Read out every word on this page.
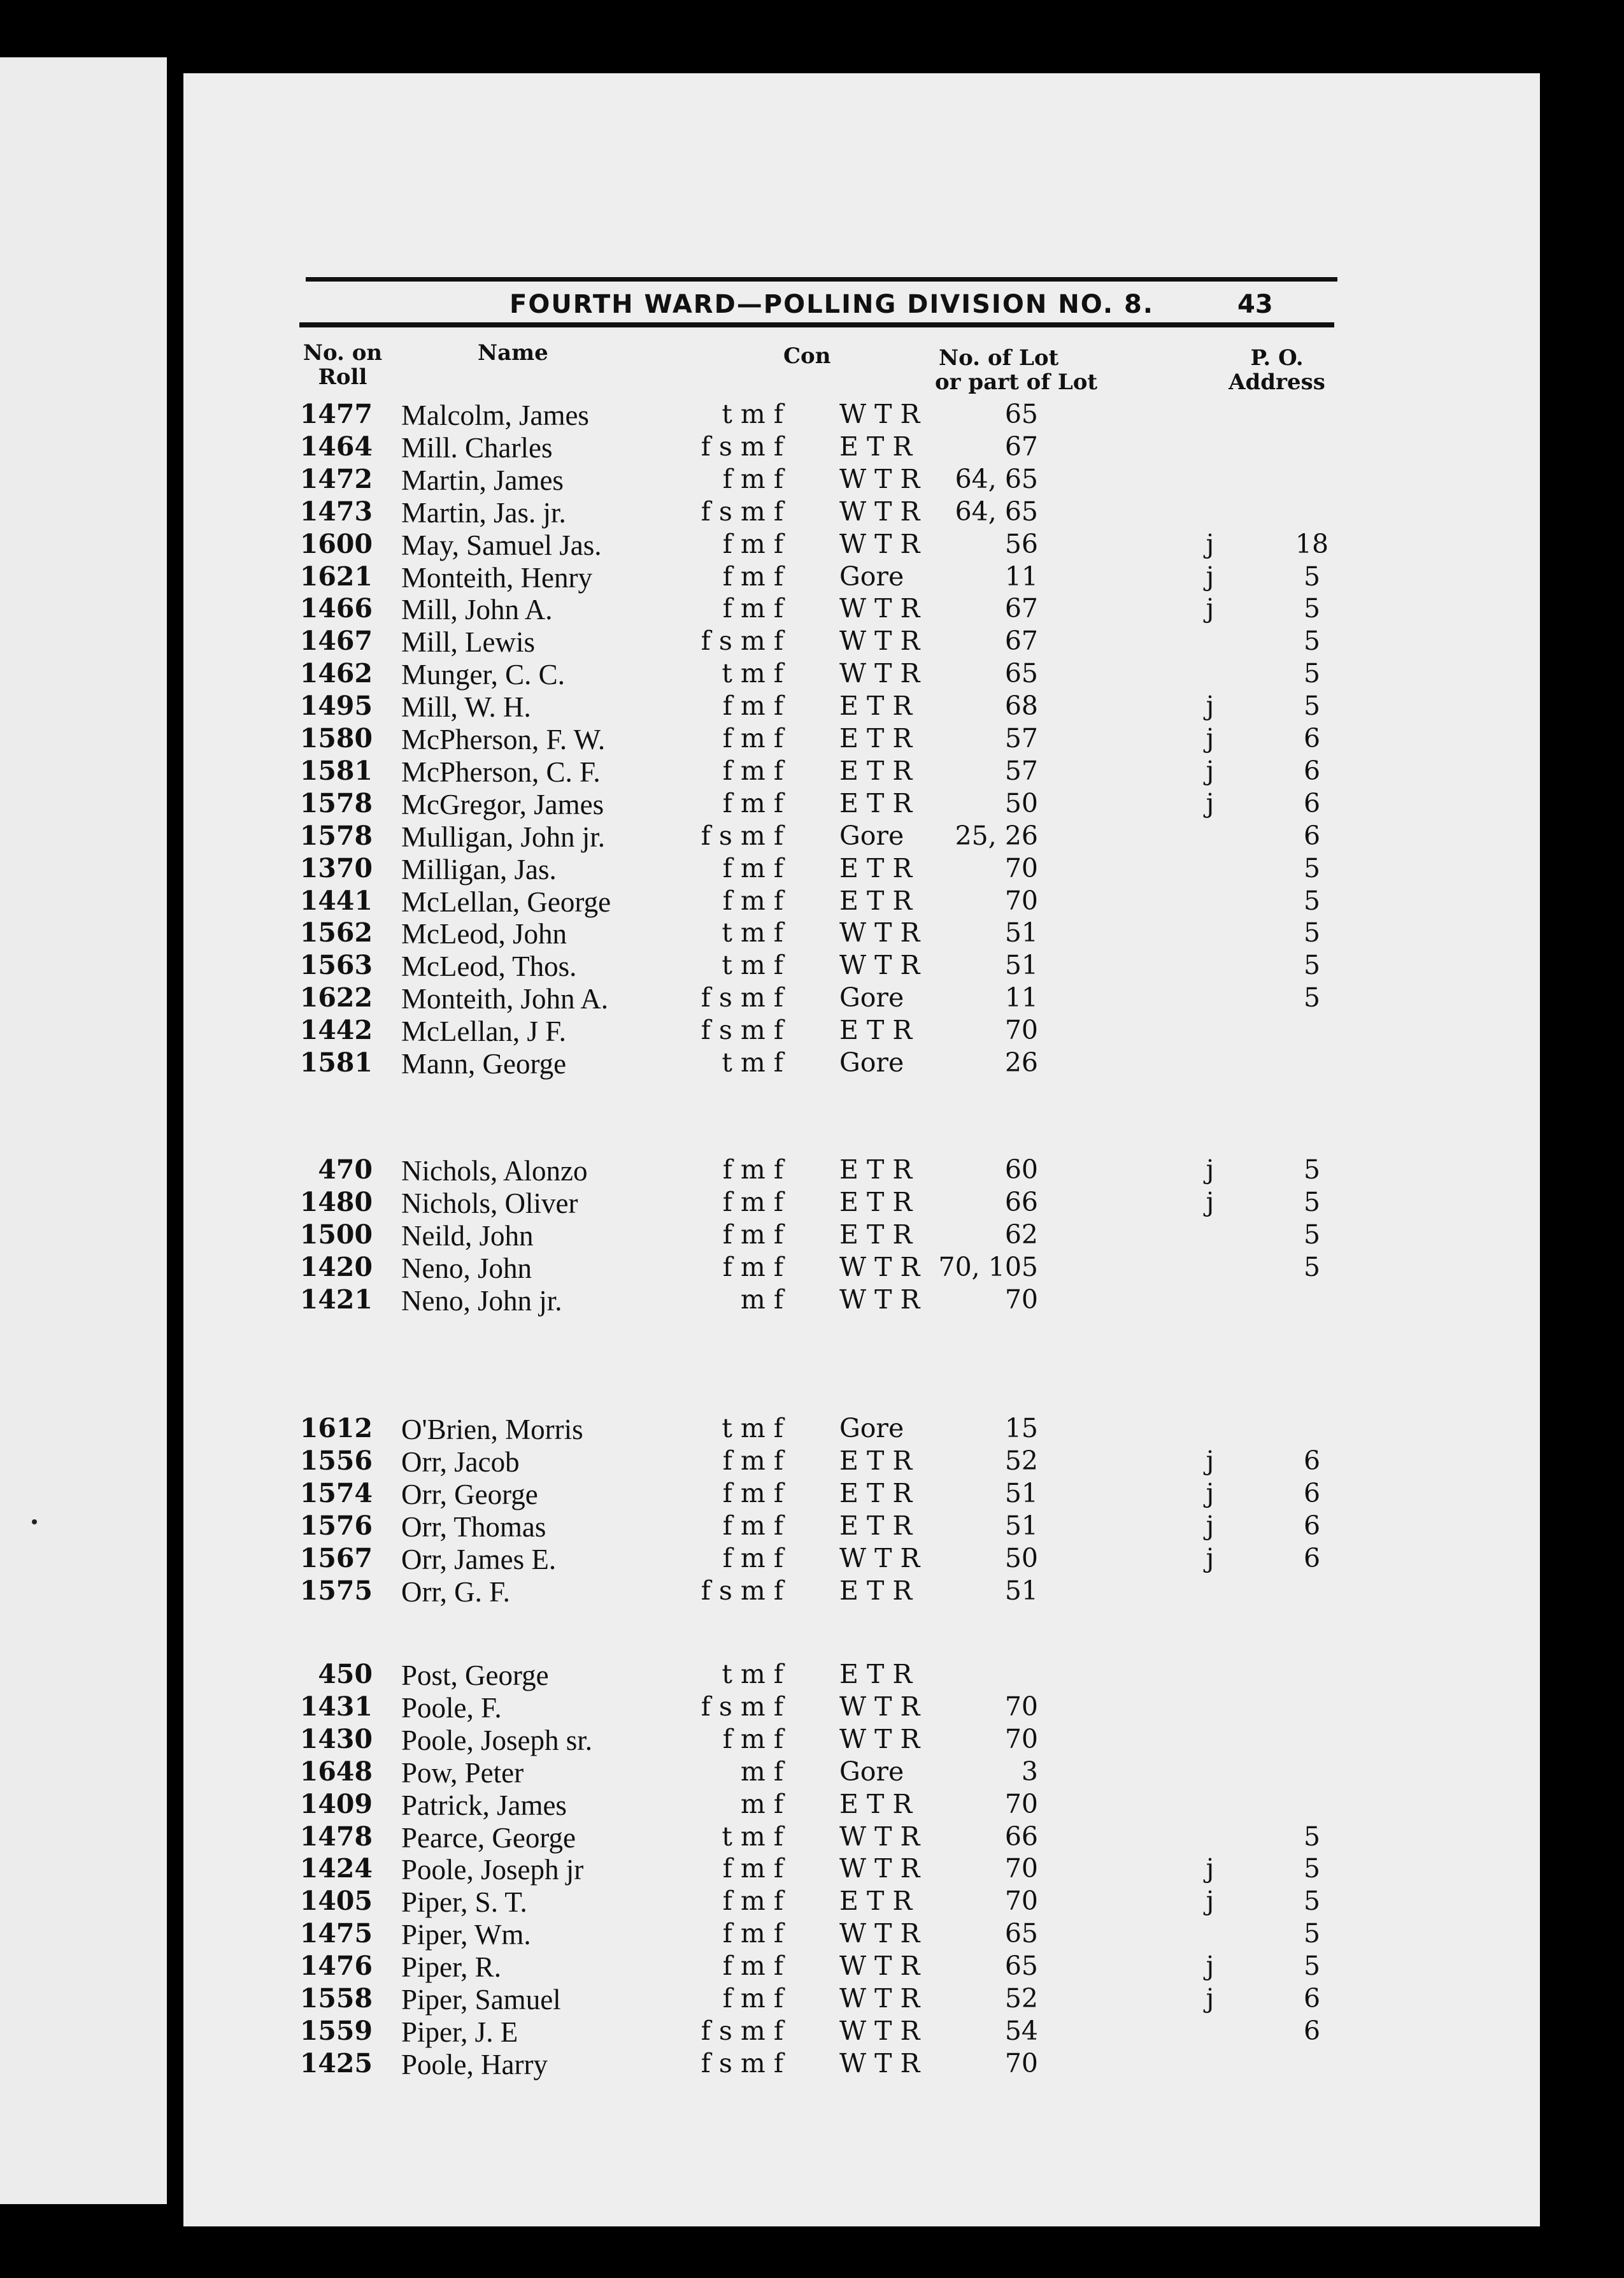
FOURTH WARD—POLLING DIVISION NO. 8.	43
No. on
Roll
Name	Con	No. of Lot
or part of Lot
P. O.
Address
1477 Malcolm, James	t m f W T R	65
1464 Mill. Charles	f s m f E T R	67
1472 Martin, James	f m f W T R	64, 65
1473 Martin, Jas. jr.	f s m f W T R	64, 65
1600 May, Samuel Jas.	f m f W T R	56	j	18
1621 Monteith, Henry	f m f Gore	11	j	5
1466 Mill, John A.	f m f W T R	67	j	5
1467 Mill, Lewis	f s m f W T R	67	5
1462 Munger, C. C.	t m f W T R	65	5
1495 Mill, W. H.	f m f E T R	68	j	5
1580 McPherson, F. W.	f m f E T R	57	j	6
1581 McPherson, C. F.	f m f E T R	57	j	6
1578 McGregor, James	f m f E T R	50	j	6
1578 Mulligan, John jr.	f s m f Gore	25, 26	6
1370 Milligan, Jas.	f m f E T R	70	5
1441 McLellan, George	f m f E T R	70	5
1562 McLeod, John	t m f W T R	51	5
1563 McLeod, Thos.	t m f W T R	51	5
1622 Monteith, John A.	f s m f Gore	11	5
1442 McLellan, J F.	f s m f E T R	70
1581 Mann, George	t m f Gore	26
470 Nichols, Alonzo	f m f E T R	60	j	5
1480 Nichols, Oliver	f m f E T R	66	j	5
1500 Neild, John	f m f E T R	62	5
1420 Neno, John	f m f W T R 70, 105	5
1421 Neno, John jr.	m f W T R	70
1612 O'Brien, Morris	t m f Gore	15
1556 Orr, Jacob	f m f E T R	52	j	6
1574 Orr, George	f m f E T R	51	j	6
1576 Orr, Thomas	f m f E T R	51	j	6
1567 Orr, James E.	f m f W T R	50	j	6
1575 Orr, G. F.	f s m f E T R	51
450 Post, George	t m f E T R
1431 Poole, F.	f s m f W T R	70
1430 Poole, Joseph sr.	f m f W T R	70
1648 Pow, Peter	m f Gore	3
1409 Patrick, James	m f E T R	70
1478 Pearce, George	t m f W T R	66	5
1424 Poole, Joseph jr	f m f W T R	70	j	5
1405 Piper, S. T.	f m f E T R	70	j	5
1475 Piper, Wm.	f m f W T R	65	5
1476 Piper, R.	f m f W T R	65	j	5
1558 Piper, Samuel	f m f W T R	52	j	6
1559 Piper, J. E	f s m f W T R	54	6
1425 Poole, Harry	f s m f W T R	70
